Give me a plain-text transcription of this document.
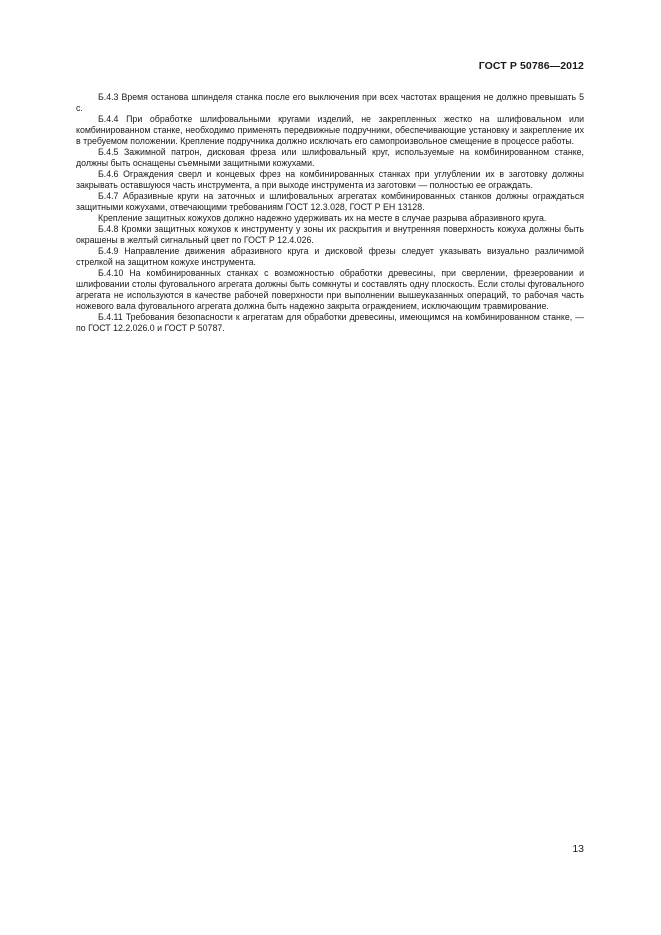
ГОСТ Р 50786—2012

Б.4.3 Время останова шпинделя станка после его выключения при всех частотах вращения не должно превышать 5 с.

Б.4.4 При обработке шлифовальными кругами изделий, не закрепленных жестко на шлифовальном или комбинированном станке, необходимо применять передвижные подручники, обеспечивающие установку и закрепление их в требуемом положении. Крепление подручника должно исключать его самопроизвольное смещение в процессе работы.

Б.4.5 Зажимной патрон, дисковая фреза или шлифовальный круг, используемые на комбинированном станке, должны быть оснащены съемными защитными кожухами.

Б.4.6 Ограждения сверл и концевых фрез на комбинированных станках при углублении их в заготовку должны закрывать оставшуюся часть инструмента, а при выходе инструмента из заготовки — полностью ее ограждать.

Б.4.7 Абразивные круги на заточных и шлифовальных агрегатах комбинированных станков должны ограждаться защитными кожухами, отвечающими требованиям ГОСТ 12.3.028, ГОСТ Р ЕН 13128.

Крепление защитных кожухов должно надежно удерживать их на месте в случае разрыва абразивного круга.

Б.4.8 Кромки защитных кожухов к инструменту у зоны их раскрытия и внутренняя поверхность кожуха должны быть окрашены в желтый сигнальный цвет по ГОСТ Р 12.4.026.

Б.4.9 Направление движения абразивного круга и дисковой фрезы следует указывать визуально различимой стрелкой на защитном кожухе инструмента.

Б.4.10 На комбинированных станках с возможностью обработки древесины, при сверлении, фрезеровании и шлифовании столы фуговального агрегата должны быть сомкнуты и составлять одну плоскость. Если столы фуговального агрегата не используются в качестве рабочей поверхности при выполнении вышеуказанных операций, то рабочая часть ножевого вала фуговального агрегата должна быть надежно закрыта ограждением, исключающим травмирование.

Б.4.11 Требования безопасности к агрегатам для обработки древесины, имеющимся на комбинированном станке, — по ГОСТ 12.2.026.0 и ГОСТ Р 50787.

13
